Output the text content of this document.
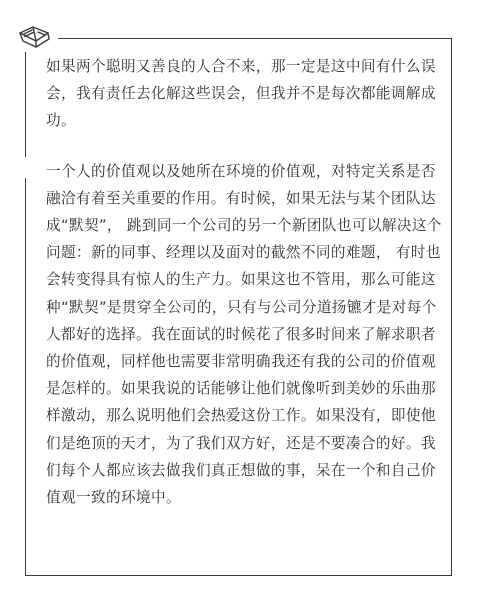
如果两个聪明又善良的人合不来，那一定是这中间有什么误会，我有责任去化解这些误会，但我并不是每次都能调解成功。

一个人的价值观以及她所在环境的价值观，对特定关系是否融洽有着至关重要的作用。有时候，如果无法与某个团队达成“默契”， 跳到同一个公司的另一个新团队也可以解决这个问题：新的同事、经理以及面对的截然不同的难题， 有时也会转变得具有惊人的生产力。如果这也不管用，那么可能这种“默契”是贯穿全公司的，只有与公司分道扬镳才是对每个人都好的选择。我在面试的时候花了很多时间来了解求职者的价值观，同样他也需要非常明确我还有我的公司的价值观是怎样的。如果我说的话能够让他们就像听到美妙的乐曲那样激动，那么说明他们会热爱这份工作。如果没有，即使他们是绝顶的天才，为了我们双方好，还是不要凑合的好。我们每个人都应该去做我们真正想做的事，呆在一个和自己价值观一致的环境中。
